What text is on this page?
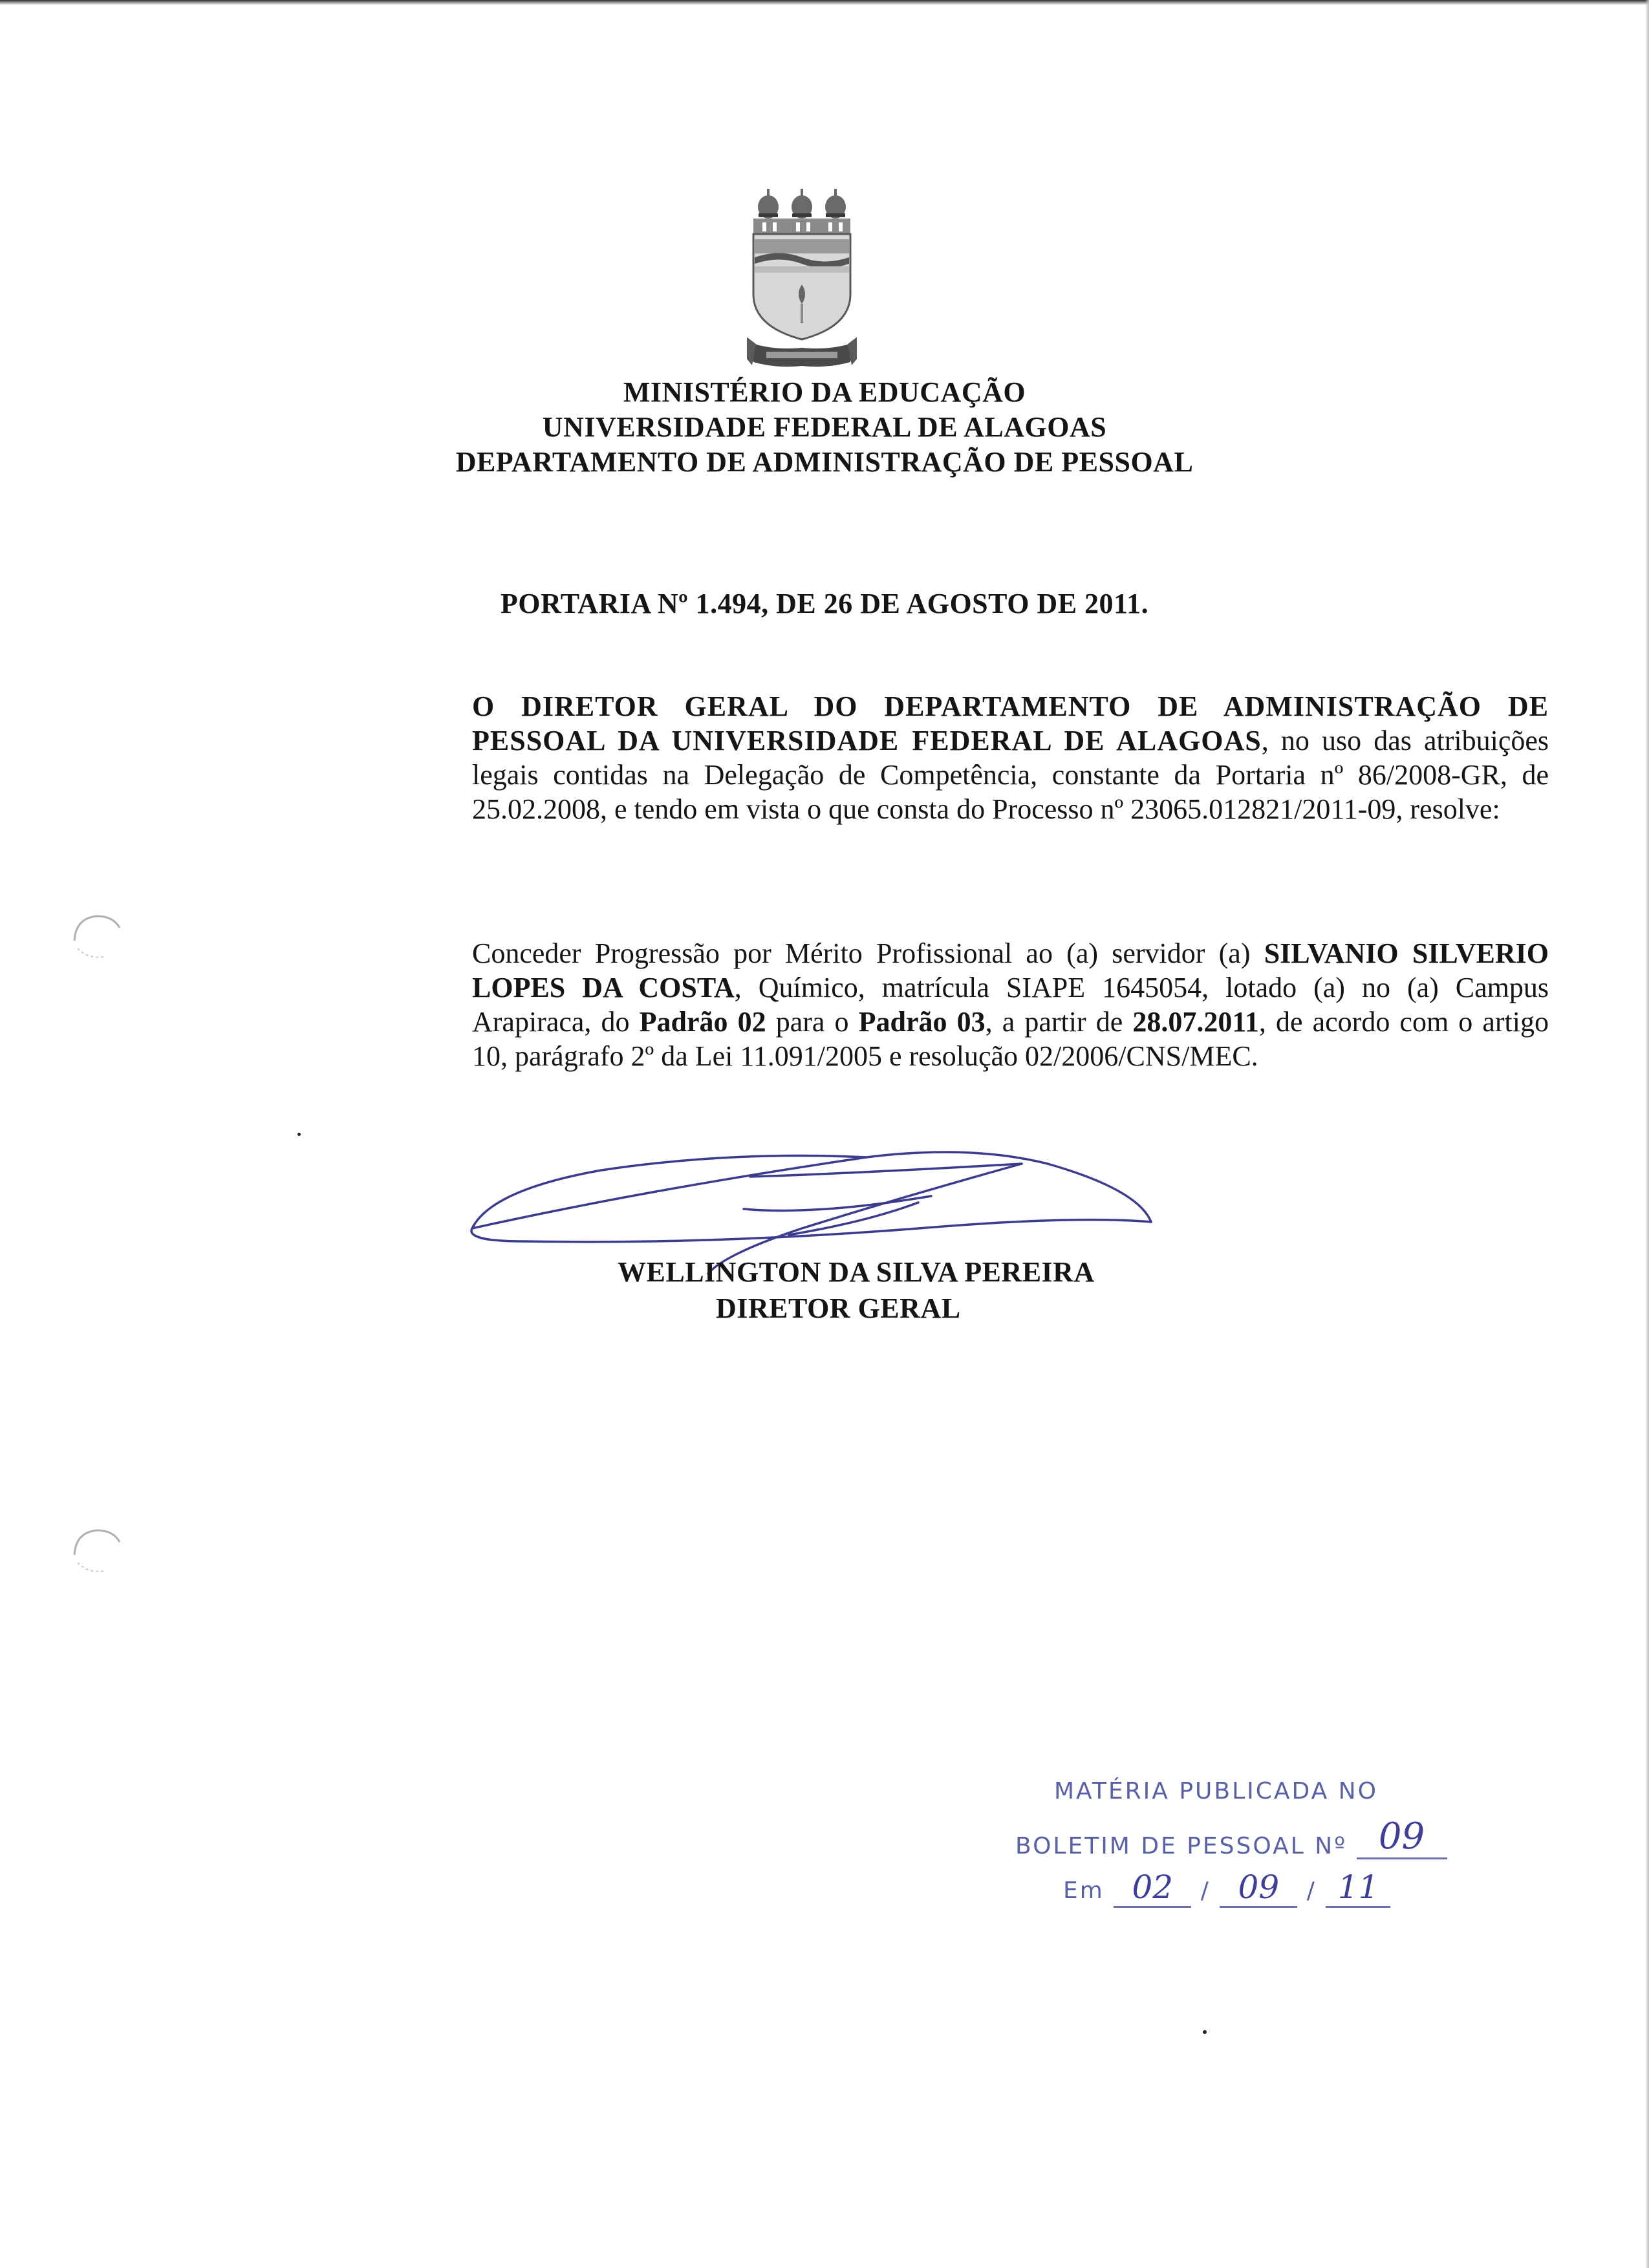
MINISTÉRIO DA EDUCAÇÃO
UNIVERSIDADE FEDERAL DE ALAGOAS
DEPARTAMENTO DE ADMINISTRAÇÃO DE PESSOAL
PORTARIA Nº 1.494, DE 26 DE AGOSTO DE 2011.
O DIRETOR GERAL DO DEPARTAMENTO DE ADMINISTRAÇÃO DE PESSOAL DA UNIVERSIDADE FEDERAL DE ALAGOAS, no uso das atribuições legais contidas na Delegação de Competência, constante da Portaria nº 86/2008-GR, de 25.02.2008, e tendo em vista o que consta do Processo nº 23065.012821/2011-09, resolve:
Conceder Progressão por Mérito Profissional ao (a) servidor (a) SILVANIO SILVERIO LOPES DA COSTA, Químico, matrícula SIAPE 1645054, lotado (a) no (a) Campus Arapiraca, do Padrão 02 para o Padrão 03, a partir de 28.07.2011, de acordo com o artigo 10, parágrafo 2º da Lei 11.091/2005 e resolução 02/2006/CNS/MEC.
WELLINGTON DA SILVA PEREIRA
DIRETOR GERAL
MATÉRIA PUBLICADA NO
BOLETIM DE PESSOAL Nº 09
Em 02 / 09 / 11
